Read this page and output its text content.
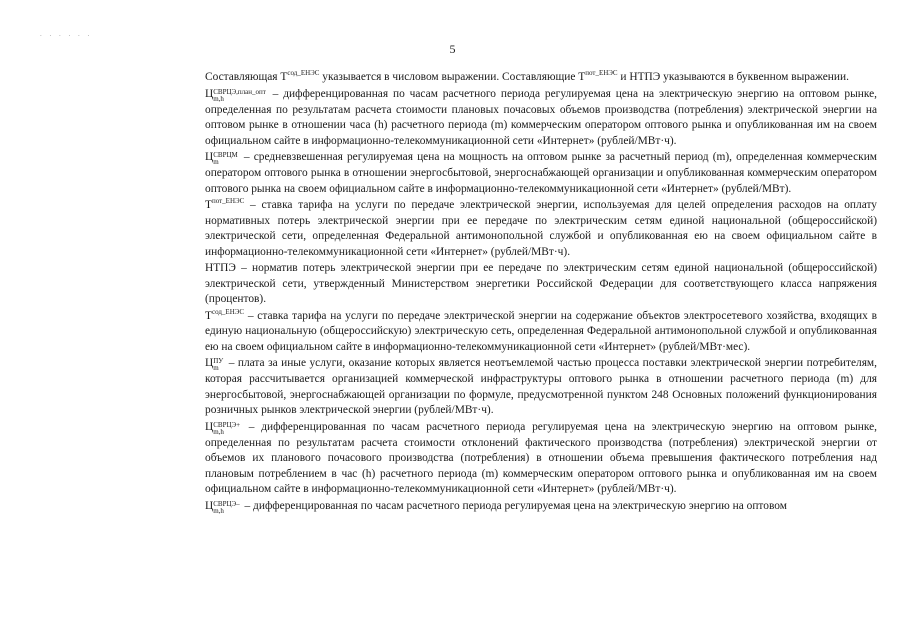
. . . . . .
5

Составляющая $Т^{сод\_ЕНЭС}$ указывается в числовом выражении. Составляющие $Т^{пот\_ЕНЭС}$ и НТПЭ указываются в буквенном выражении.

Ц СВРЦЭ,план_опт
m,h	– дифференцированная по часам расчетного периода регулируемая цена на электрическую энергию на оптовом рынке, определенная по результатам расчета стоимости плановых почасовых объемов производства (потребления) электрической энергии на оптовом рынке в отношении часа (h) расчетного периода (m) коммерческим оператором оптового рынка и опубликованная им на своем официальном сайте в информационно-телекоммуникационной сети «Интернет» (рублей/МВт·ч).

Ц СВРЦМ
m	– средневзвешенная регулируемая цена на мощность на оптовом рынке за расчетный период (m), определенная коммерческим оператором оптового рынка в отношении энергосбытовой, энергоснабжающей организации и опубликованная коммерческим оператором оптового рынка на своем официальном сайте в информационно-телекоммуникационной сети «Интернет» (рублей/МВт).

$Т^{пот\_ЕНЭС}$ – ставка тарифа на услуги по передаче электрической энергии, используемая для целей определения расходов на оплату нормативных потерь электрической энергии при ее передаче по электрическим сетям единой национальной (общероссийской) электрической сети, определенная Федеральной антимонопольной службой и опубликованная ею на своем официальном сайте в информационно-телекоммуникационной сети «Интернет» (рублей/МВт·ч).

НТПЭ – норматив потерь электрической энергии при ее передаче по электрическим сетям единой национальной (общероссийской) электрической сети, утвержденный Министерством энергетики Российской Федерации для соответствующего класса напряжения (процентов).

$Т^{сод\_ЕНЭС}$ – ставка тарифа на услуги по передаче электрической энергии на содержание объектов электросетевого хозяйства, входящих в единую национальную (общероссийскую) электрическую сеть, определенная Федеральной антимонопольной службой и опубликованная ею на своем официальном сайте в информационно-телекоммуникационной сети «Интернет» (рублей/МВт·мес).

Ц ПУ
m – плата за иные услуги, оказание которых является неотъемлемой частью процесса поставки электрической энергии потребителям, которая рассчитывается организацией коммерческой инфраструктуры оптового рынка в отношении расчетного периода (m) для энергосбытовой, энергоснабжающей организации по формуле, предусмотренной пунктом 248 Основных положений функционирования розничных рынков электрической энергии (рублей/МВт·ч).

Ц СВРЦЭ+
m,h	– дифференцированная по часам расчетного периода регулируемая цена на электрическую энергию на оптовом рынке, определенная по результатам расчета стоимости отклонений фактического производства (потребления) электрической энергии от объемов их планового почасового производства (потребления) в отношении объема превышения фактического потребления над плановым потреблением в час (h) расчетного периода (m) коммерческим оператором оптового рынка и опубликованная им на своем официальном сайте в информационно-телекоммуникационной сети «Интернет» (рублей/МВт·ч).

Ц СВРЦЭ–
m,h	– дифференцированная по часам расчетного периода регулируемая цена на электрическую энергию на оптовом
